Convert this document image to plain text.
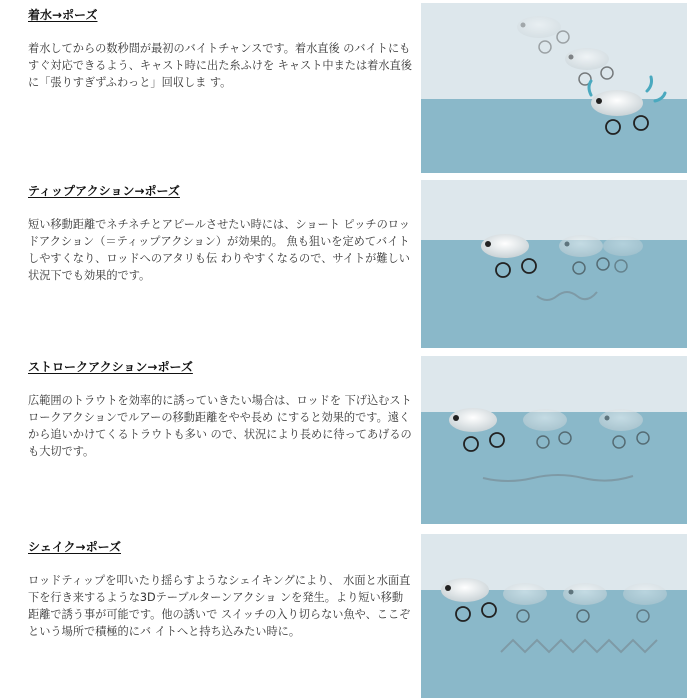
着水→ポーズ
着水してからの数秒間が最初のバイトチャンスです。着水直後 のバイトにもすぐ対応できるよう、キャスト時に出た糸ふけを キャスト中または着水直後に「張りすぎずふわっと」回収しま す。
ティップアクション→ポーズ
短い移動距離でネチネチとアピールさせたい時には、ショート ピッチのロッドアクション（＝ティップアクション）が効果的。 魚も狙いを定めてバイトしやすくなり、ロッドへのアタリも伝 わりやすくなるので、サイトが難しい状況下でも効果的です。
ストロークアクション→ポーズ
広範囲のトラウトを効率的に誘っていきたい場合は、ロッドを 下げ込むストロークアクションでルアーの移動距離をやや長め にすると効果的です。遠くから追いかけてくるトラウトも多い ので、状況により長めに待ってあげるのも大切です。
シェイク→ポーズ
ロッドティップを叩いたり揺らすようなシェイキングにより、 水面と水面直下を行き来するような3Dテーブルターンアクショ ンを発生。より短い移動距離で誘う事が可能です。他の誘いで スイッチの入り切らない魚や、ここぞという場所で積極的にバ イトへと持ち込みたい時に。
